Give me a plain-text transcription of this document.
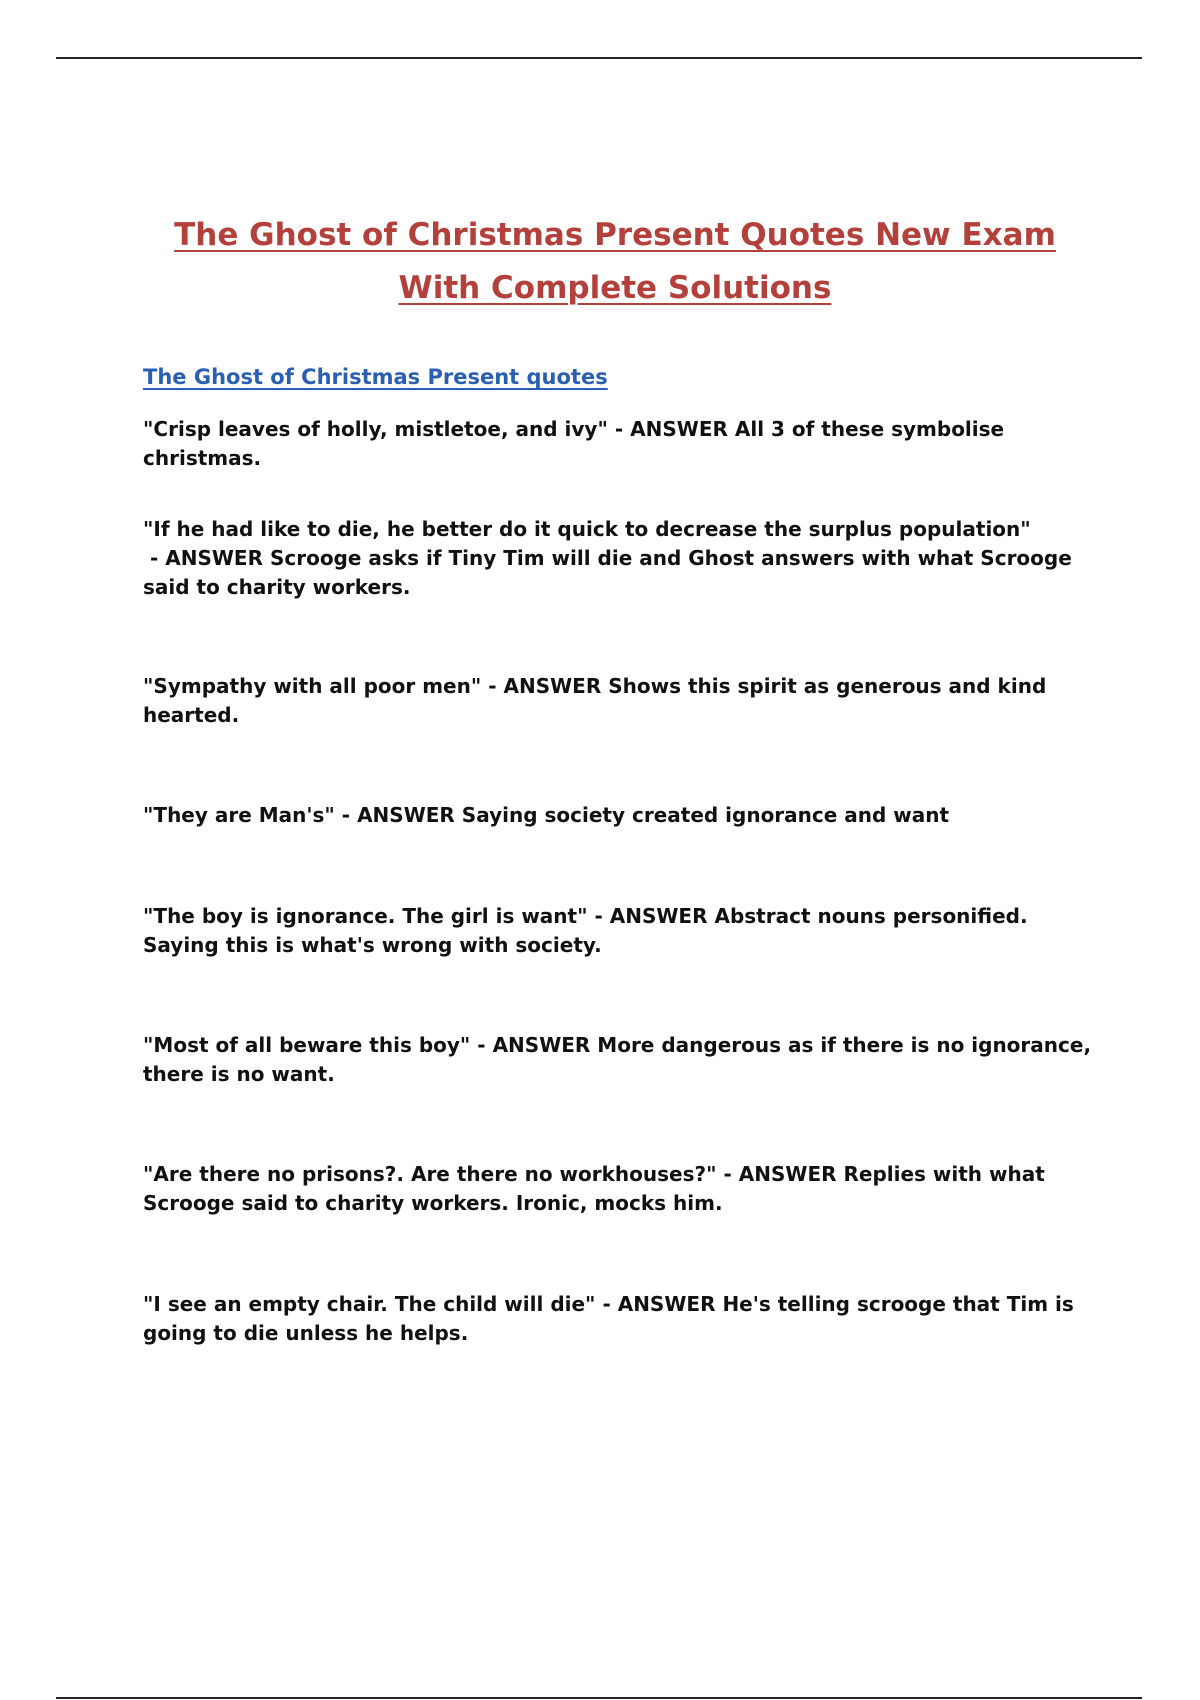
The Ghost of Christmas Present Quotes New Exam
With Complete Solutions

The Ghost of Christmas Present quotes

"Crisp leaves of holly, mistletoe, and ivy" - ANSWER All 3 of these symbolise christmas.

"If he had like to die, he better do it quick to decrease the surplus population" - ANSWER Scrooge asks if Tiny Tim will die and Ghost answers with what Scrooge said to charity workers.

"Sympathy with all poor men" - ANSWER Shows this spirit as generous and kind hearted.

"They are Man's" - ANSWER Saying society created ignorance and want

"The boy is ignorance. The girl is want" - ANSWER Abstract nouns personified. Saying this is what's wrong with society.

"Most of all beware this boy" - ANSWER More dangerous as if there is no ignorance, there is no want.

"Are there no prisons?. Are there no workhouses?" - ANSWER Replies with what Scrooge said to charity workers. Ironic, mocks him.

"I see an empty chair. The child will die" - ANSWER He's telling scrooge that Tim is going to die unless he helps.
